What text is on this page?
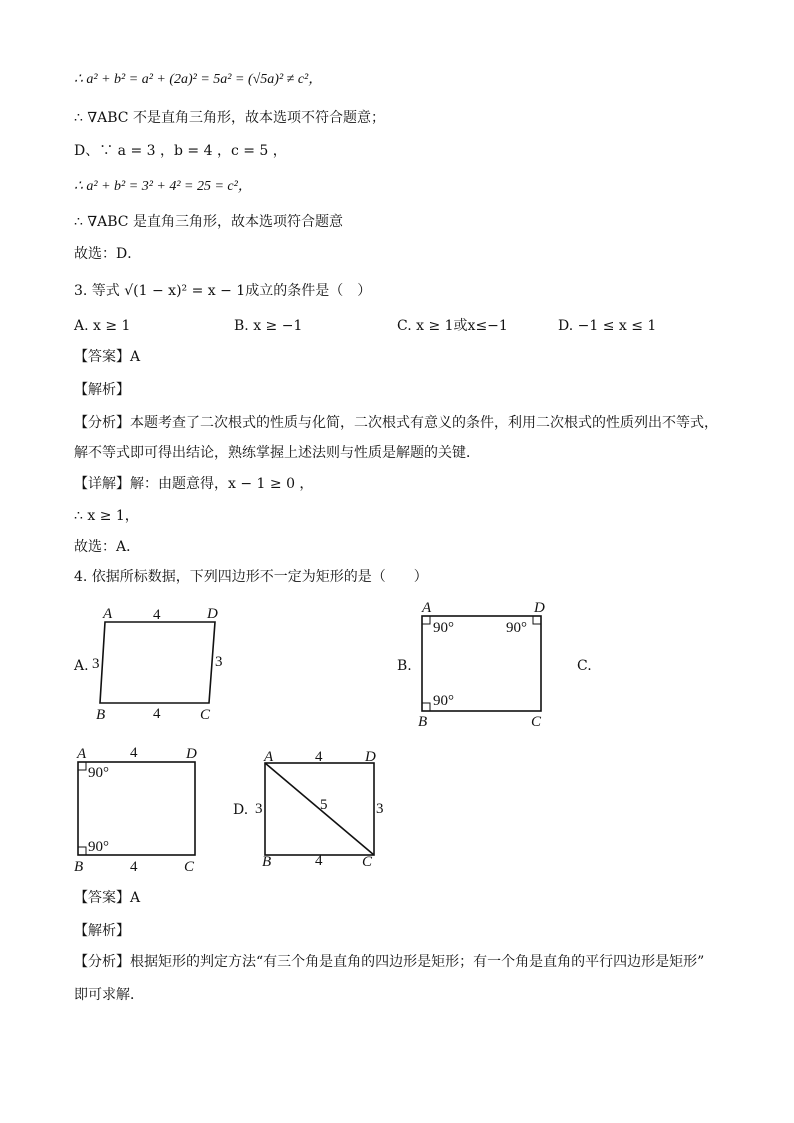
∴ a² + b² = a² + (2a)² = 5a² = (√5a)² ≠ c²，
∴ ∇ABC 不是直角三角形，故本选项不符合题意；
D、∵ a = 3 ，b = 4 ，c = 5 ，
∴ a² + b² = 3² + 4² = 25 = c²，
∴ ∇ABC 是直角三角形，故本选项符合题意
故选：D．
3. 等式 √(1 − x)² = x − 1成立的条件是（　）
A. x ≥ 1	B. x ≥ −1	C. x ≥ 1或x≤−1	D. −1 ≤ x ≤ 1
【答案】A
【解析】
【分析】本题考查了二次根式的性质与化简，二次根式有意义的条件，利用二次根式的性质列出不等式，
解不等式即可得出结论，熟练掌握上述法则与性质是解题的关键．
【详解】解：由题意得，x − 1 ≥ 0 ，
∴ x ≥ 1，
故选：A．
4. 依据所标数据，下列四边形不一定为矩形的是（　　）
A.
A	D
B	C
4
4
3	3	B.
A	D
B	C
90°	90°
90°
C.
A	D
B	C
4
4
90°
90°
D.
A	D
B	C
4
4
3	3
5
【答案】A
【解析】
【分析】根据矩形的判定方法“有三个角是直角的四边形是矩形；有一个角是直角的平行四边形是矩形”
即可求解．
